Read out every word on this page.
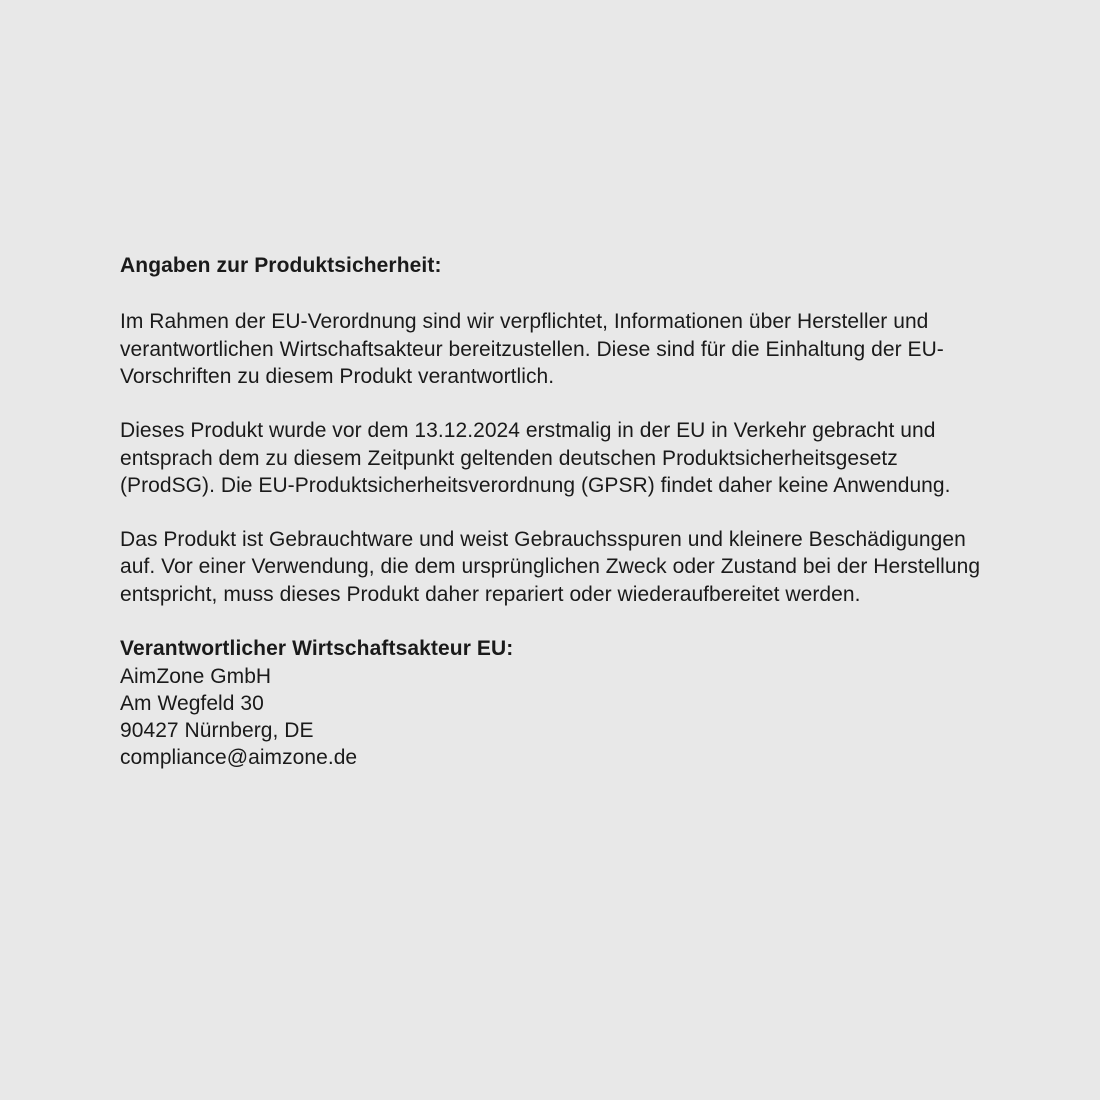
Angaben zur Produktsicherheit:

Im Rahmen der EU-Verordnung sind wir verpflichtet, Informationen über Hersteller und verantwortlichen Wirtschaftsakteur bereitzustellen. Diese sind für die Einhaltung der EU-Vorschriften zu diesem Produkt verantwortlich.

Dieses Produkt wurde vor dem 13.12.2024 erstmalig in der EU in Verkehr gebracht und entsprach dem zu diesem Zeitpunkt geltenden deutschen Produktsicherheitsgesetz (ProdSG). Die EU-Produktsicherheitsverordnung (GPSR) findet daher keine Anwendung.

Das Produkt ist Gebrauchtware und weist Gebrauchsspuren und kleinere Beschädigungen auf. Vor einer Verwendung, die dem ursprünglichen Zweck oder Zustand bei der Herstellung entspricht, muss dieses Produkt daher repariert oder wiederaufbereitet werden.

Verantwortlicher Wirtschaftsakteur EU:
AimZone GmbH
Am Wegfeld 30
90427 Nürnberg, DE
compliance@aimzone.de
